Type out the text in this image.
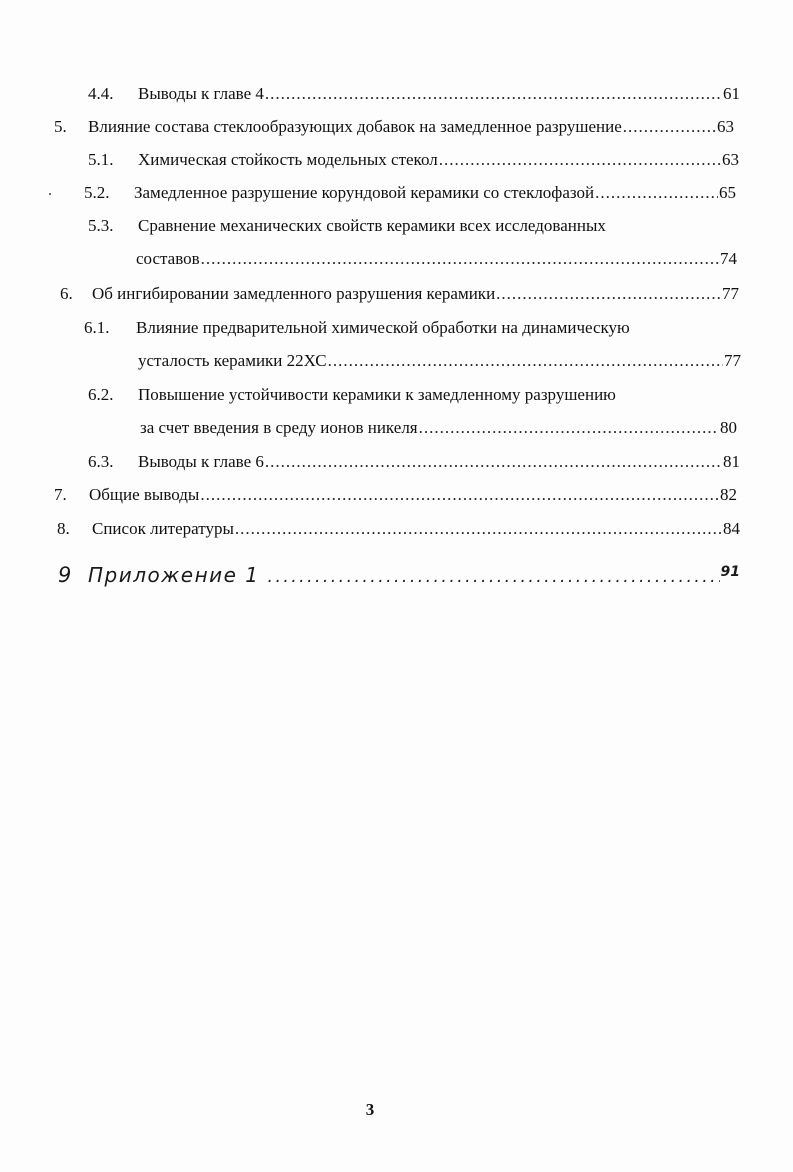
4.4.	Выводы к главе 4 .....	61
5.	Влияние состава стеклообразующих добавок на замедленное разрушение .....	63
5.1.	Химическая стойкость модельных стекол .....	63
5.2.	Замедленное разрушение корундовой керамики со стеклофазой .....	65
5.3.	Сравнение механических свойств керамики всех исследованных
составов .....	74
6.	Об ингибировании замедленного разрушения керамики .....	77
6.1.	Влияние предварительной химической обработки на динамическую
усталость керамики 22ХС .....	77
6.2.	Повышение устойчивости керамики к замедленному разрушению
за счет введения в среду ионов никеля .....	80
6.3.	Выводы к главе 6 .....	81
7.	Общие выводы .....	82
8.	Список литературы .....	84
9 Приложение 1 .....	91
3
